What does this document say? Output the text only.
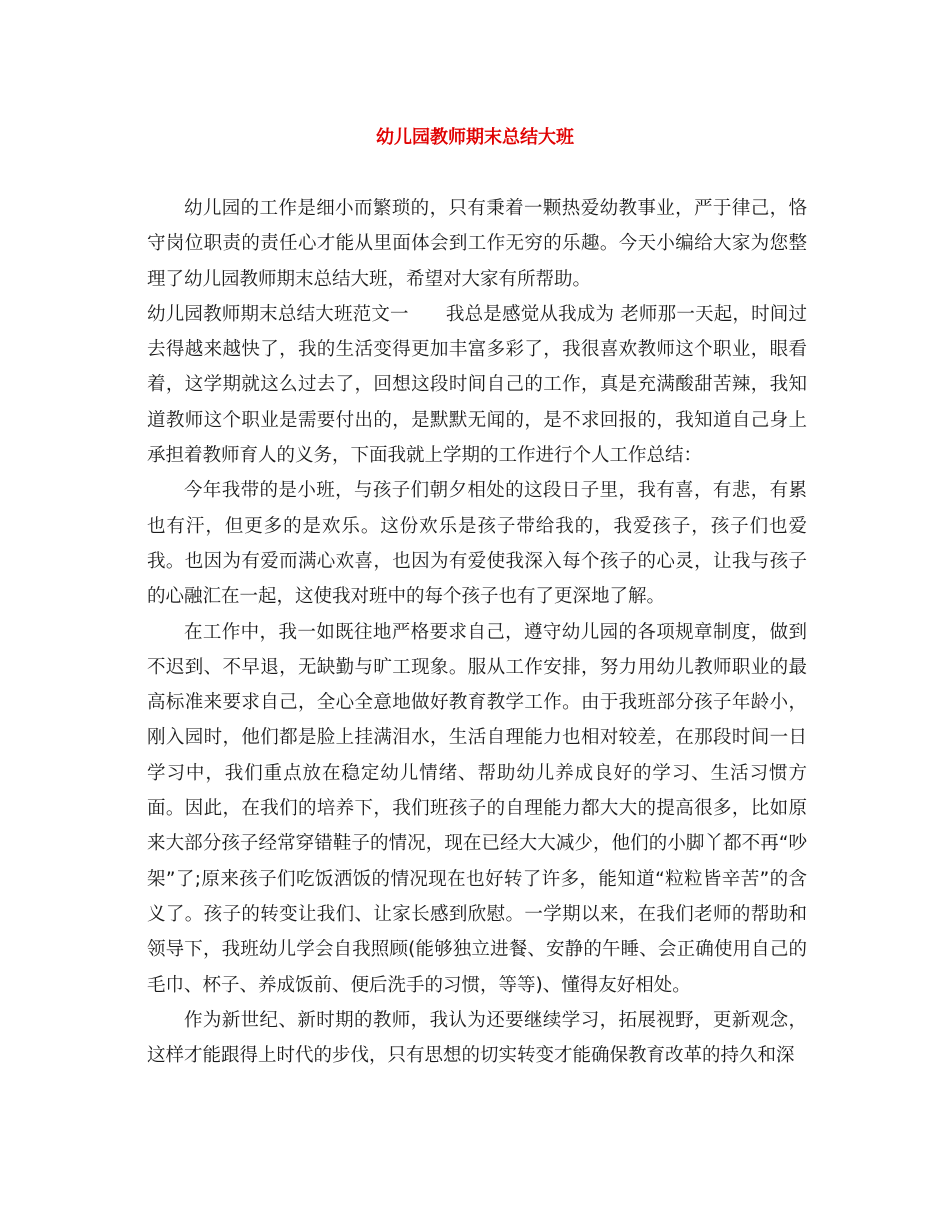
幼儿园教师期末总结大班

幼儿园的工作是细小而繁琐的，只有秉着一颗热爱幼教事业，严于律己，恪守岗位职责的责任心才能从里面体会到工作无穷的乐趣。今天小编给大家为您整理了幼儿园教师期末总结大班，希望对大家有所帮助。

幼儿园教师期末总结大班范文一 我总是感觉从我成为 老师那一天起，时间过去得越来越快了，我的生活变得更加丰富多彩了，我很喜欢教师这个职业，眼看着，这学期就这么过去了，回想这段时间自己的工作，真是充满酸甜苦辣，我知道教师这个职业是需要付出的，是默默无闻的，是不求回报的，我知道自己身上承担着教师育人的义务，下面我就上学期的工作进行个人工作总结：

今年我带的是小班，与孩子们朝夕相处的这段日子里，我有喜，有悲，有累也有汗，但更多的是欢乐。这份欢乐是孩子带给我的，我爱孩子，孩子们也爱我。也因为有爱而满心欢喜，也因为有爱使我深入每个孩子的心灵，让我与孩子的心融汇在一起，这使我对班中的每个孩子也有了更深地了解。

在工作中，我一如既往地严格要求自己，遵守幼儿园的各项规章制度，做到不迟到、不早退，无缺勤与旷工现象。服从工作安排，努力用幼儿教师职业的最高标准来要求自己，全心全意地做好教育教学工作。由于我班部分孩子年龄小，刚入园时，他们都是脸上挂满泪水，生活自理能力也相对较差，在那段时间一日学习中，我们重点放在稳定幼儿情绪、帮助幼儿养成良好的学习、生活习惯方面。因此，在我们的培养下，我们班孩子的自理能力都大大的提高很多，比如原来大部分孩子经常穿错鞋子的情况，现在已经大大减少，他们的小脚丫都不再“吵架”了;原来孩子们吃饭洒饭的情况现在也好转了许多，能知道“粒粒皆辛苦”的含义了。孩子的转变让我们、让家长感到欣慰。一学期以来，在我们老师的帮助和领导下，我班幼儿学会自我照顾(能够独立进餐、安静的午睡、会正确使用自己的毛巾、杯子、养成饭前、便后洗手的习惯，等等)、懂得友好相处。

作为新世纪、新时期的教师，我认为还要继续学习，拓展视野，更新观念，这样才能跟得上时代的步伐，只有思想的切实转变才能确保教育改革的持久和深
